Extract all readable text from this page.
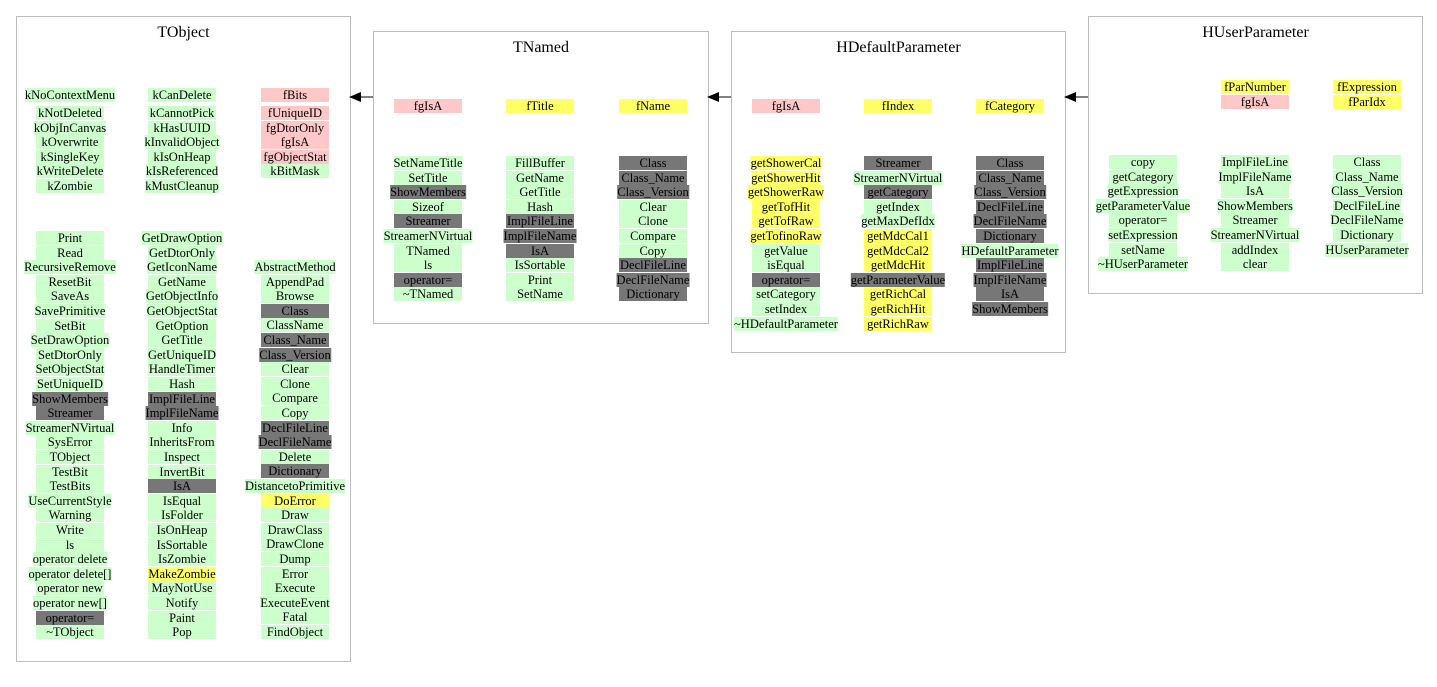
TObject
kNoContextMenu
kNotDeleted
kObjInCanvas
kOverwrite
kSingleKey
kWriteDelete
kZombie
Print
Read
RecursiveRemove
ResetBit
SaveAs
SavePrimitive
SetBit
SetDrawOption
SetDtorOnly
SetObjectStat
SetUniqueID
ShowMembers
Streamer
StreamerNVirtual
SysError
TObject
TestBit
TestBits
UseCurrentStyle
Warning
Write
ls
operator delete
operator delete[]
operator new
operator new[]
operator=
~TObject
kCanDelete
kCannotPick
kHasUUID
kInvalidObject
kIsOnHeap
kIsReferenced
kMustCleanup
GetDrawOption
GetDtorOnly
GetIconName
GetName
GetObjectInfo
GetObjectStat
GetOption
GetTitle
GetUniqueID
HandleTimer
Hash
ImplFileLine
ImplFileName
Info
InheritsFrom
Inspect
InvertBit
IsA
IsEqual
IsFolder
IsOnHeap
IsSortable
IsZombie
MakeZombie
MayNotUse
Notify
Paint
Pop
fBits
fUniqueID
fgDtorOnly
fgIsA
fgObjectStat
kBitMask
AbstractMethod
AppendPad
Browse
Class
ClassName
Class_Name
Class_Version
Clear
Clone
Compare
Copy
DeclFileLine
DeclFileName
Delete
Dictionary
DistancetoPrimitive
DoError
Draw
DrawClass
DrawClone
Dump
Error
Execute
ExecuteEvent
Fatal
FindObject
TNamed
fgIsA
SetNameTitle
SetTitle
ShowMembers
Sizeof
Streamer
StreamerNVirtual
TNamed
ls
operator=
~TNamed
fTitle
FillBuffer
GetName
GetTitle
Hash
ImplFileLine
ImplFileName
IsA
IsSortable
Print
SetName
fName
Class
Class_Name
Class_Version
Clear
Clone
Compare
Copy
DeclFileLine
DeclFileName
Dictionary
HDefaultParameter
fgIsA
getShowerCal
getShowerHit
getShowerRaw
getTofHit
getTofRaw
getTofinoRaw
getValue
isEqual
operator=
setCategory
setIndex
~HDefaultParameter
fIndex
Streamer
StreamerNVirtual
getCategory
getIndex
getMaxDefIdx
getMdcCal1
getMdcCal2
getMdcHit
getParameterValue
getRichCal
getRichHit
getRichRaw
fCategory
Class
Class_Name
Class_Version
DeclFileLine
DeclFileName
Dictionary
HDefaultParameter
ImplFileLine
ImplFileName
IsA
ShowMembers
HUserParameter
copy
getCategory
getExpression
getParameterValue
operator=
setExpression
setName
~HUserParameter
fParNumber
fgIsA
ImplFileLine
ImplFileName
IsA
ShowMembers
Streamer
StreamerNVirtual
addIndex
clear
fExpression
fParIdx
Class
Class_Name
Class_Version
DeclFileLine
DeclFileName
Dictionary
HUserParameter
